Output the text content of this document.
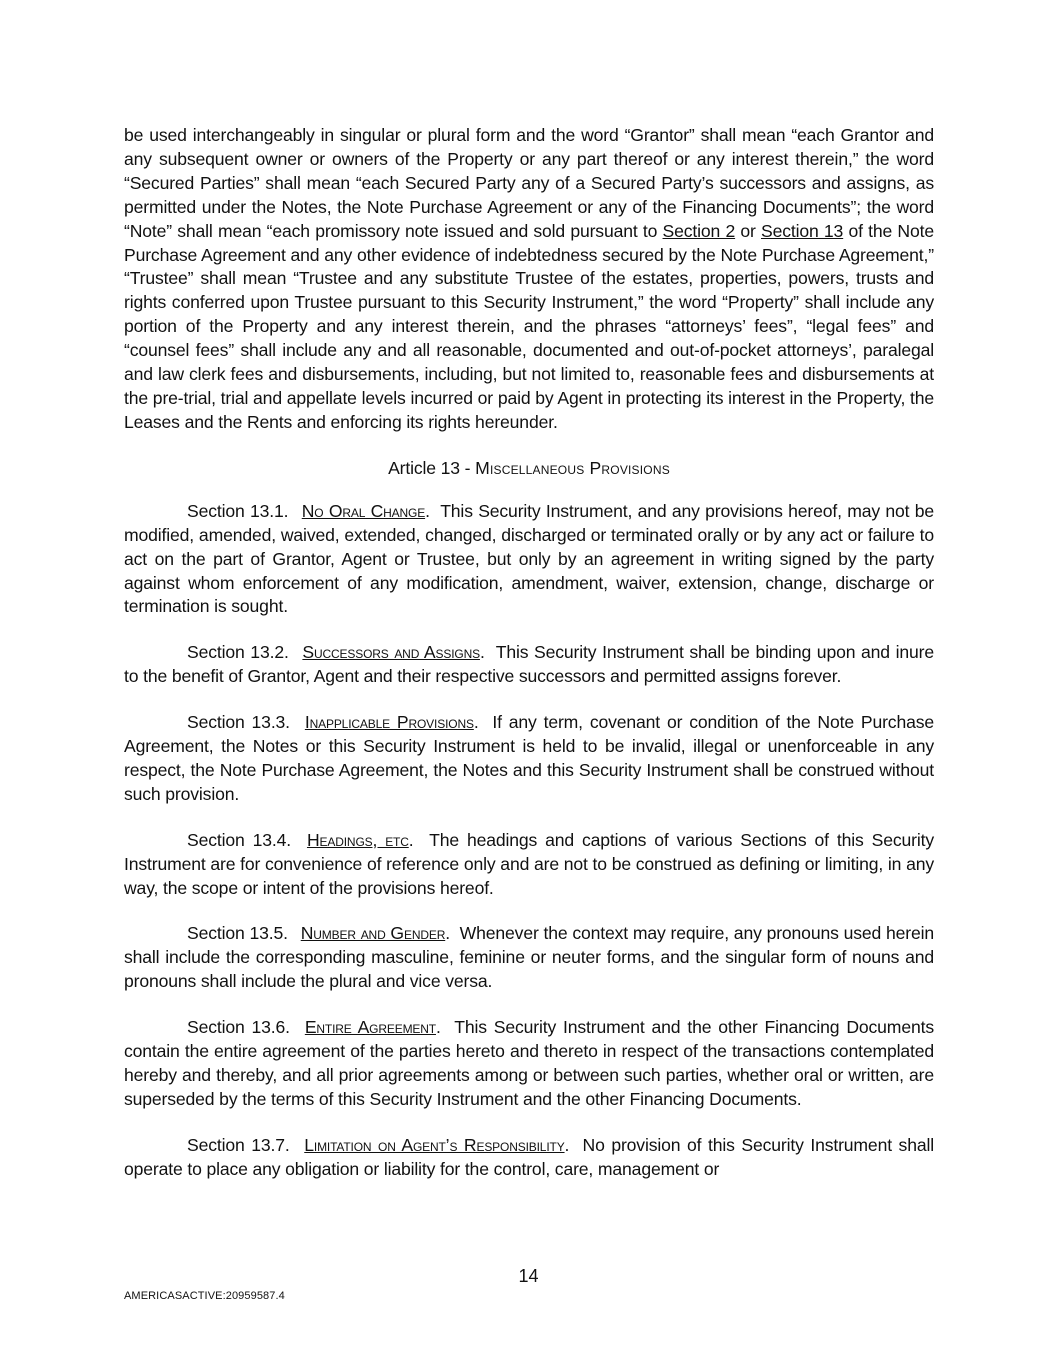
be used interchangeably in singular or plural form and the word “Grantor” shall mean “each Grantor and any subsequent owner or owners of the Property or any part thereof or any interest therein,” the word “Secured Parties” shall mean “each Secured Party any of a Secured Party’s successors and assigns, as permitted under the Notes, the Note Purchase Agreement or any of the Financing Documents”; the word “Note” shall mean “each promissory note issued and sold pursuant to Section 2 or Section 13 of the Note Purchase Agreement and any other evidence of indebtedness secured by the Note Purchase Agreement,” “Trustee” shall mean “Trustee and any substitute Trustee of the estates, properties, powers, trusts and rights conferred upon Trustee pursuant to this Security Instrument,” the word “Property” shall include any portion of the Property and any interest therein, and the phrases “attorneys’ fees”, “legal fees” and “counsel fees” shall include any and all reasonable, documented and out-of-pocket attorneys’, paralegal and law clerk fees and disbursements, including, but not limited to, reasonable fees and disbursements at the pre-trial, trial and appellate levels incurred or paid by Agent in protecting its interest in the Property, the Leases and the Rents and enforcing its rights hereunder.

Article 13 - Miscellaneous Provisions

Section 13.1. No Oral Change.  This Security Instrument, and any provisions hereof, may not be modified, amended, waived, extended, changed, discharged or terminated orally or by any act or failure to act on the part of Grantor, Agent or Trustee, but only by an agreement in writing signed by the party against whom enforcement of any modification, amendment, waiver, extension, change, discharge or termination is sought.

Section 13.2. Successors and Assigns.  This Security Instrument shall be binding upon and inure to the benefit of Grantor, Agent and their respective successors and permitted assigns forever.

Section 13.3. Inapplicable Provisions.  If any term, covenant or condition of the Note Purchase Agreement, the Notes or this Security Instrument is held to be invalid, illegal or unenforceable in any respect, the Note Purchase Agreement, the Notes and this Security Instrument shall be construed without such provision.

Section 13.4. Headings, etc.  The headings and captions of various Sections of this Security Instrument are for convenience of reference only and are not to be construed as defining or limiting, in any way, the scope or intent of the provisions hereof.

Section 13.5. Number and Gender.  Whenever the context may require, any pronouns used herein shall include the corresponding masculine, feminine or neuter forms, and the singular form of nouns and pronouns shall include the plural and vice versa.

Section 13.6. Entire Agreement.  This Security Instrument and the other Financing Documents contain the entire agreement of the parties hereto and thereto in respect of the transactions contemplated hereby and thereby, and all prior agreements among or between such parties, whether oral or written, are superseded by the terms of this Security Instrument and the other Financing Documents.

Section 13.7. Limitation on Agent’s Responsibility.  No provision of this Security Instrument shall operate to place any obligation or liability for the control, care, management or

14
AMERICASACTIVE:20959587.4
